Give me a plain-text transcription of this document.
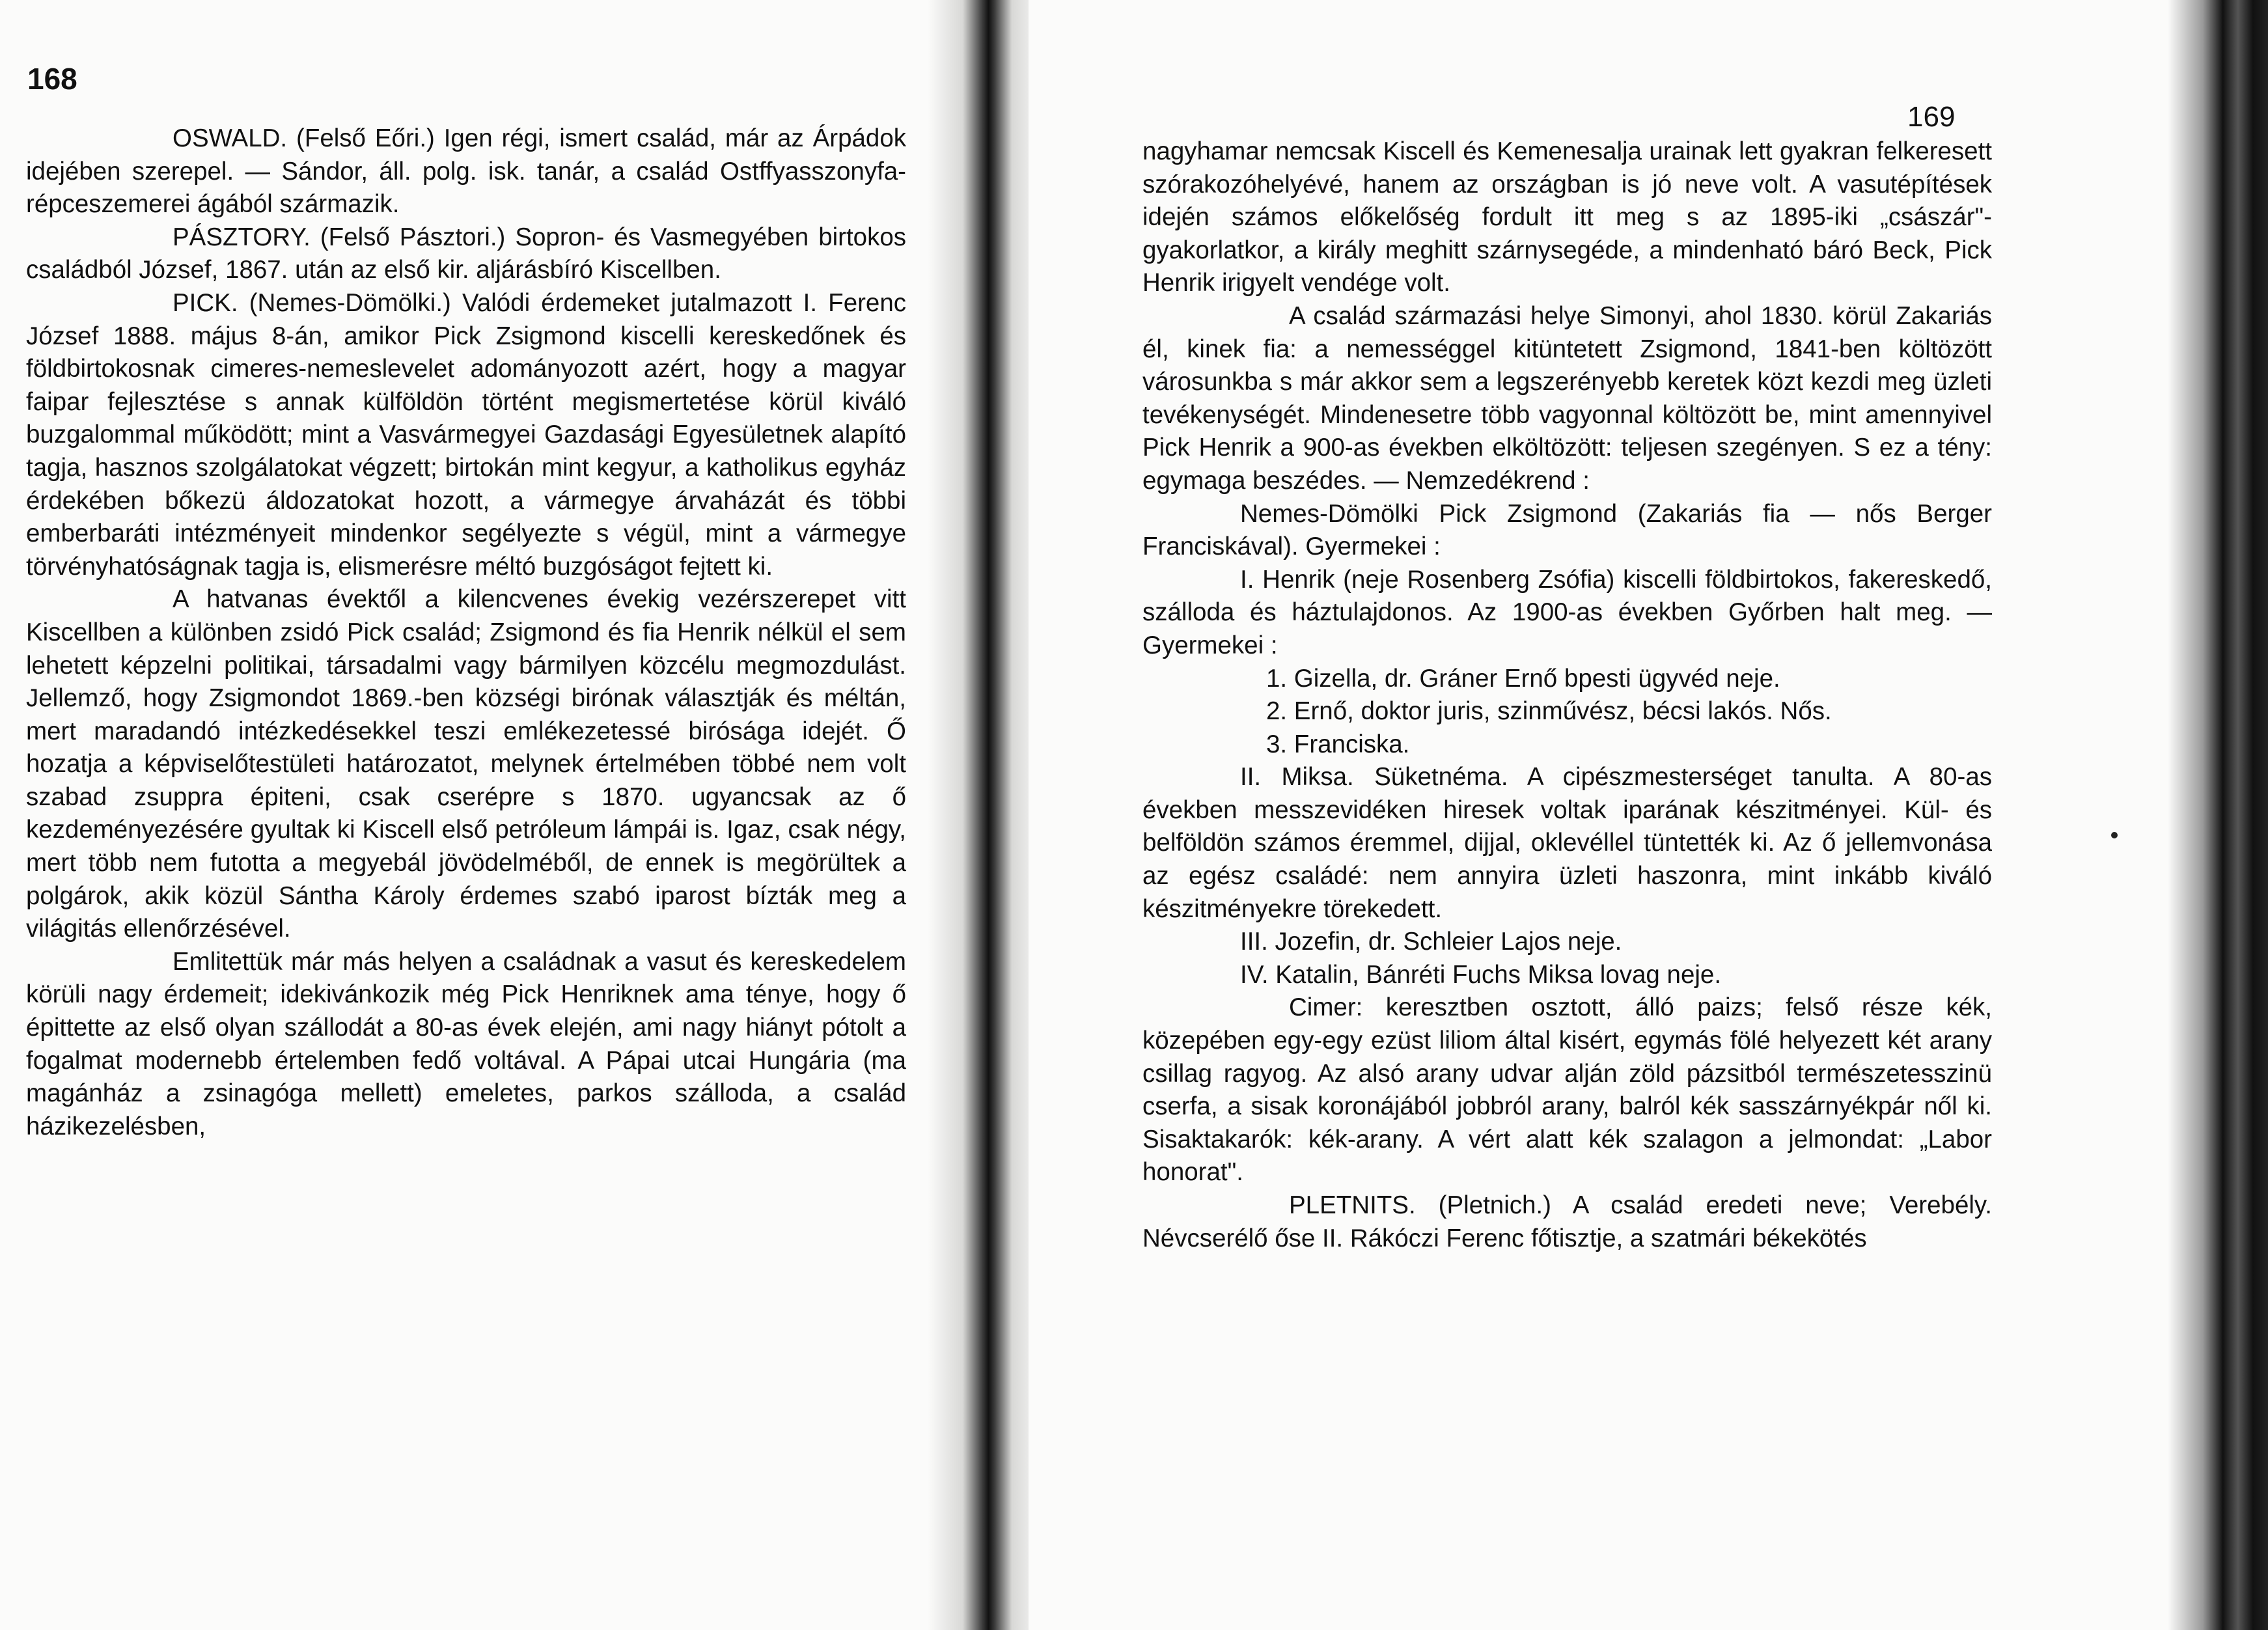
168

OSWALD. (Felső Eőri.) Igen régi, ismert család, már az Árpádok idejében szerepel. — Sándor, áll. polg. isk. tanár, a család Ostffyasszonyfa-répceszemerei ágából származik.

PÁSZTORY. (Felső Pásztori.) Sopron- és Vasmegyében birtokos családból József, 1867. után az első kir. aljárásbíró Kiscellben.

PICK. (Nemes-Dömölki.) Valódi érdemeket jutalmazott I. Ferenc József 1888. május 8-án, amikor Pick Zsigmond kiscelli kereskedőnek és földbirtokosnak cimeres-nemeslevelet adományozott azért, hogy a magyar faipar fejlesztése s annak külföldön történt megismertetése körül kiváló buzgalommal működött; mint a Vasvármegyei Gazdasági Egyesületnek alapító tagja, hasznos szolgálatokat végzett; birtokán mint kegyur, a katholikus egyház érdekében bőkezü áldozatokat hozott, a vármegye árvaházát és többi emberbaráti intézményeit mindenkor segélyezte s végül, mint a vármegye törvényhatóságnak tagja is, elismerésre méltó buzgóságot fejtett ki.

A hatvanas évektől a kilencvenes évekig vezérszerepet vitt Kiscellben a különben zsidó Pick család; Zsigmond és fia Henrik nélkül el sem lehetett képzelni politikai, társadalmi vagy bármilyen közcélu megmozdulást. Jellemző, hogy Zsigmondot 1869.-ben községi birónak választják és méltán, mert maradandó intézkedésekkel teszi emlékezetessé birósága idejét. Ő hozatja a képviselőtestületi határozatot, melynek értelmében többé nem volt szabad zsuppra épiteni, csak cserépre s 1870. ugyancsak az ő kezdeményezésére gyultak ki Kiscell első petróleum lámpái is. Igaz, csak négy, mert több nem futotta a megyebál jövödelméből, de ennek is megörültek a polgárok, akik közül Sántha Károly érdemes szabó iparost bízták meg a világitás ellenőrzésével.

Emlitettük már más helyen a családnak a vasut és kereskedelem körüli nagy érdemeit; idekivánkozik még Pick Henriknek ama ténye, hogy ő épittette az első olyan szállodát a 80-as évek elején, ami nagy hiányt pótolt a fogalmat modernebb értelemben fedő voltával. A Pápai utcai Hungária (ma magánház a zsinagóga mellett) emeletes, parkos szálloda, a család házikezelésben,

169

nagyhamar nemcsak Kiscell és Kemenesalja urainak lett gyakran felkeresett szórakozóhelyévé, hanem az országban is jó neve volt. A vasutépítések idején számos előkelőség fordult itt meg s az 1895-iki „császár"-gyakorlatkor, a király meghitt szárnysegéde, a mindenható báró Beck, Pick Henrik irigyelt vendége volt.

A család származási helye Simonyi, ahol 1830. körül Zakariás él, kinek fia: a nemességgel kitüntetett Zsigmond, 1841-ben költözött városunkba s már akkor sem a legszerényebb keretek közt kezdi meg üzleti tevékenységét. Mindenesetre több vagyonnal költözött be, mint amennyivel Pick Henrik a 900-as években elköltözött: teljesen szegényen. S ez a tény: egymaga beszédes. — Nemzedékrend :

Nemes-Dömölki Pick Zsigmond (Zakariás fia — nős Berger Franciskával). Gyermekei :

I. Henrik (neje Rosenberg Zsófia) kiscelli földbirtokos, fakereskedő, szálloda és háztulajdonos. Az 1900-as években Győrben halt meg. — Gyermekei :

1. Gizella, dr. Gráner Ernő bpesti ügyvéd neje.

2. Ernő, doktor juris, szinművész, bécsi lakós. Nős.

3. Franciska.

II. Miksa. Süketnéma. A cipészmesterséget tanulta. A 80-as években messzevidéken hiresek voltak iparának készitményei. Kül- és belföldön számos éremmel, dijjal, oklevéllel tüntették ki. Az ő jellemvonása az egész családé: nem annyira üzleti haszonra, mint inkább kiváló készitményekre törekedett.

III. Jozefin, dr. Schleier Lajos neje.

IV. Katalin, Bánréti Fuchs Miksa lovag neje.

Cimer: keresztben osztott, álló paizs; felső része kék, közepében egy-egy ezüst liliom által kisért, egymás fölé helyezett két arany csillag ragyog. Az alsó arany udvar alján zöld pázsitból természetesszinü cserfa, a sisak koronájából jobbról arany, balról kék sasszárnyékpár nől ki. Sisaktakarók: kék-arany. A vért alatt kék szalagon a jelmondat: „Labor honorat".

PLETNITS. (Pletnich.) A család eredeti neve; Verebély. Névcserélő őse II. Rákóczi Ferenc főtisztje, a szatmári békekötés
